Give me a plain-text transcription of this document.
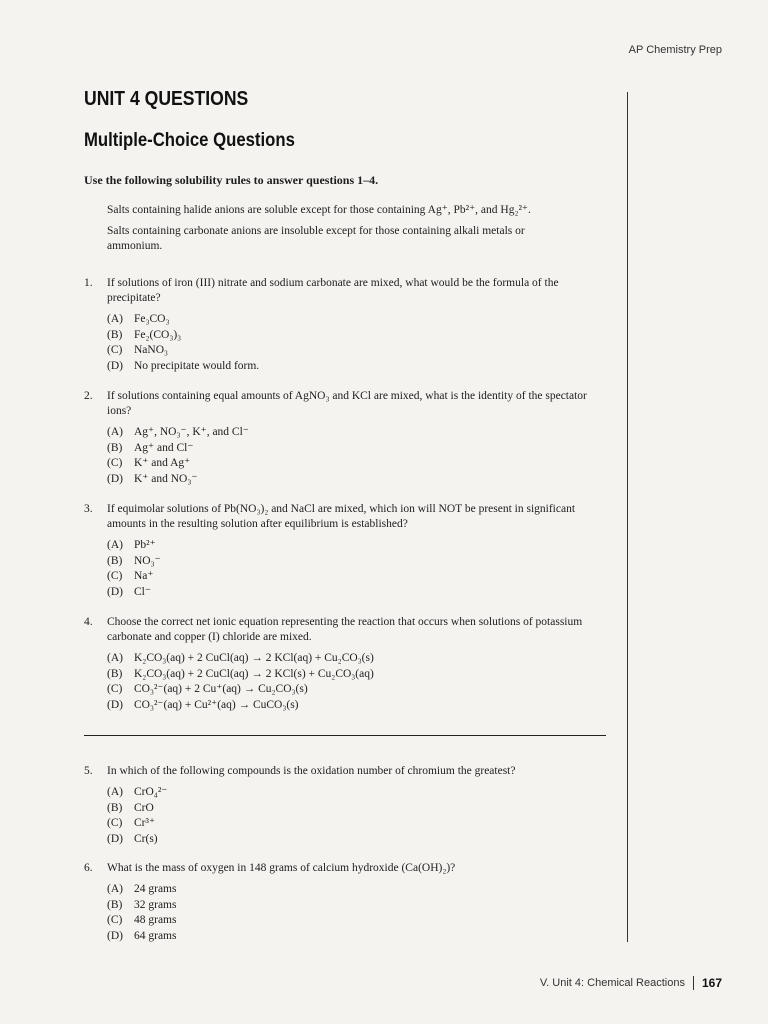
AP Chemistry Prep
UNIT 4 QUESTIONS
Multiple-Choice Questions

Use the following solubility rules to answer questions 1–4.

Salts containing halide anions are soluble except for those containing Ag⁺, Pb²⁺, and Hg₂²⁺.

Salts containing carbonate anions are insoluble except for those containing alkali metals or ammonium.

1.	If solutions of iron (III) nitrate and sodium carbonate are mixed, what would be the formula of the precipitate?
(A) Fe₃CO₃
(B)	Fe₂(CO₃)₃
(C)	NaNO₃
(D) No precipitate would form.
2.	If solutions containing equal amounts of AgNO₃ and KCl are mixed, what is the identity of the spectator ions?
(A) Ag⁺, NO₃⁻, K⁺, and Cl⁻
(B)	Ag⁺ and Cl⁻
(C)	K⁺ and Ag⁺
(D) K⁺ and NO₃⁻
3.	If equimolar solutions of Pb(NO₃)₂ and NaCl are mixed, which ion will NOT be present in significant amounts in the resulting solution after equilibrium is established?
(A) Pb²⁺
(B)	NO₃⁻
(C)	Na⁺
(D) Cl⁻
4.	Choose the correct net ionic equation representing the reaction that occurs when solutions of potassium carbonate and copper (I) chloride are mixed.
(A) K₂CO₃(aq) + 2 CuCl(aq) → 2 KCl(aq) + Cu₂CO₃(s)
(B)	K₂CO₃(aq) + 2 CuCl(aq) → 2 KCl(s) + Cu₂CO₃(aq)
(C)	CO₃²⁻(aq) + 2 Cu⁺(aq) → Cu₂CO₃(s)
(D) CO₃²⁻(aq) + Cu²⁺(aq) → CuCO₃(s)
5.	In which of the following compounds is the oxidation number of chromium the greatest?
(A) CrO₄²⁻
(B)	CrO
(C)	Cr³⁺
(D) Cr(s)
6.	What is the mass of oxygen in 148 grams of calcium hydroxide (Ca(OH)₂)?
(A) 24 grams
(B)	32 grams
(C)	48 grams
(D) 64 grams
V. Unit 4: Chemical Reactions 167
